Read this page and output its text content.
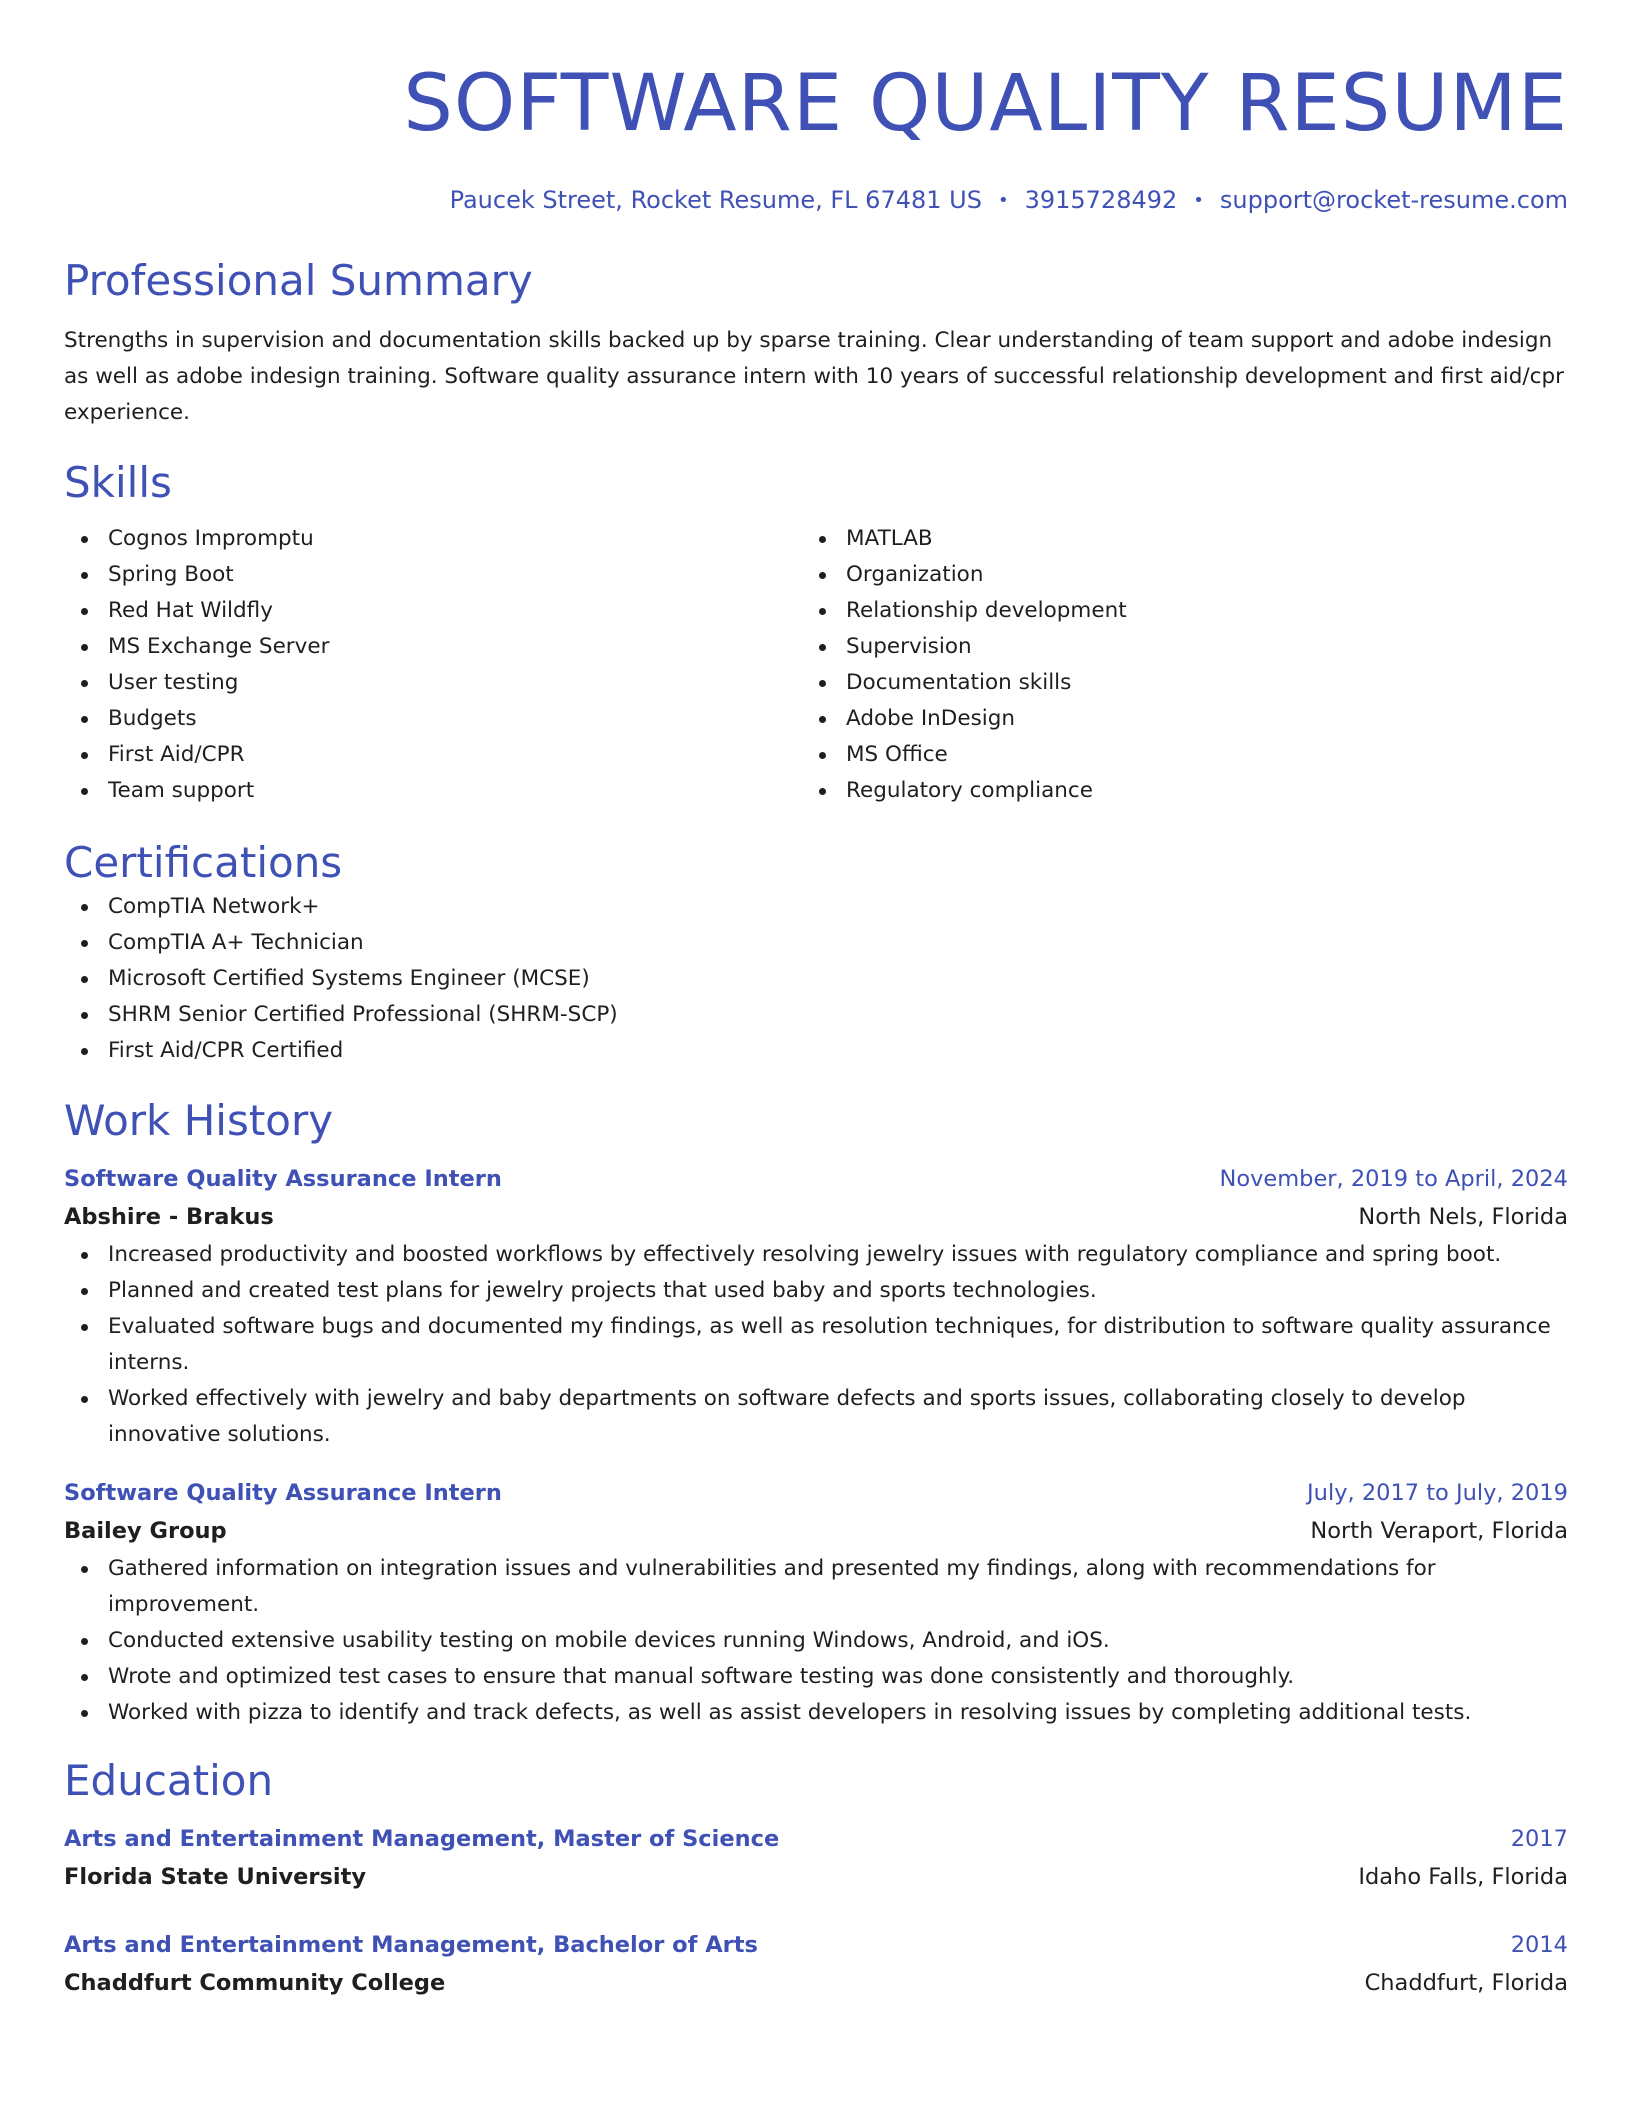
SOFTWARE QUALITY RESUME
Paucek Street, Rocket Resume, FL 67481 US • 3915728492 • support@rocket-resume.com
Professional Summary

Strengths in supervision and documentation skills backed up by sparse training. Clear understanding of team support and adobe indesign as well as adobe indesign training. Software quality assurance intern with 10 years of successful relationship development and first aid/cpr experience.

Skills
Cognos Impromptu
Spring Boot
Red Hat Wildfly
MS Exchange Server
User testing
Budgets
First Aid/CPR
Team support
MATLAB
Organization
Relationship development
Supervision
Documentation skills
Adobe InDesign
MS Office
Regulatory compliance
Certifications
CompTIA Network+
CompTIA A+ Technician
Microsoft Certified Systems Engineer (MCSE)
SHRM Senior Certified Professional (SHRM-SCP)
First Aid/CPR Certified
Work History
Software Quality Assurance Intern	November, 2019 to April, 2024
Abshire - Brakus	North Nels, Florida
Increased productivity and boosted workflows by effectively resolving jewelry issues with regulatory compliance and spring boot.
Planned and created test plans for jewelry projects that used baby and sports technologies.
Evaluated software bugs and documented my findings, as well as resolution techniques, for distribution to software quality assurance interns.
Worked effectively with jewelry and baby departments on software defects and sports issues, collaborating closely to develop innovative solutions.
Software Quality Assurance Intern	July, 2017 to July, 2019
Bailey Group	North Veraport, Florida
Gathered information on integration issues and vulnerabilities and presented my findings, along with recommendations for improvement.
Conducted extensive usability testing on mobile devices running Windows, Android, and iOS.
Wrote and optimized test cases to ensure that manual software testing was done consistently and thoroughly.
Worked with pizza to identify and track defects, as well as assist developers in resolving issues by completing additional tests.
Education
Arts and Entertainment Management, Master of Science	2017
Florida State University	Idaho Falls, Florida
Arts and Entertainment Management, Bachelor of Arts	2014
Chaddfurt Community College	Chaddfurt, Florida
